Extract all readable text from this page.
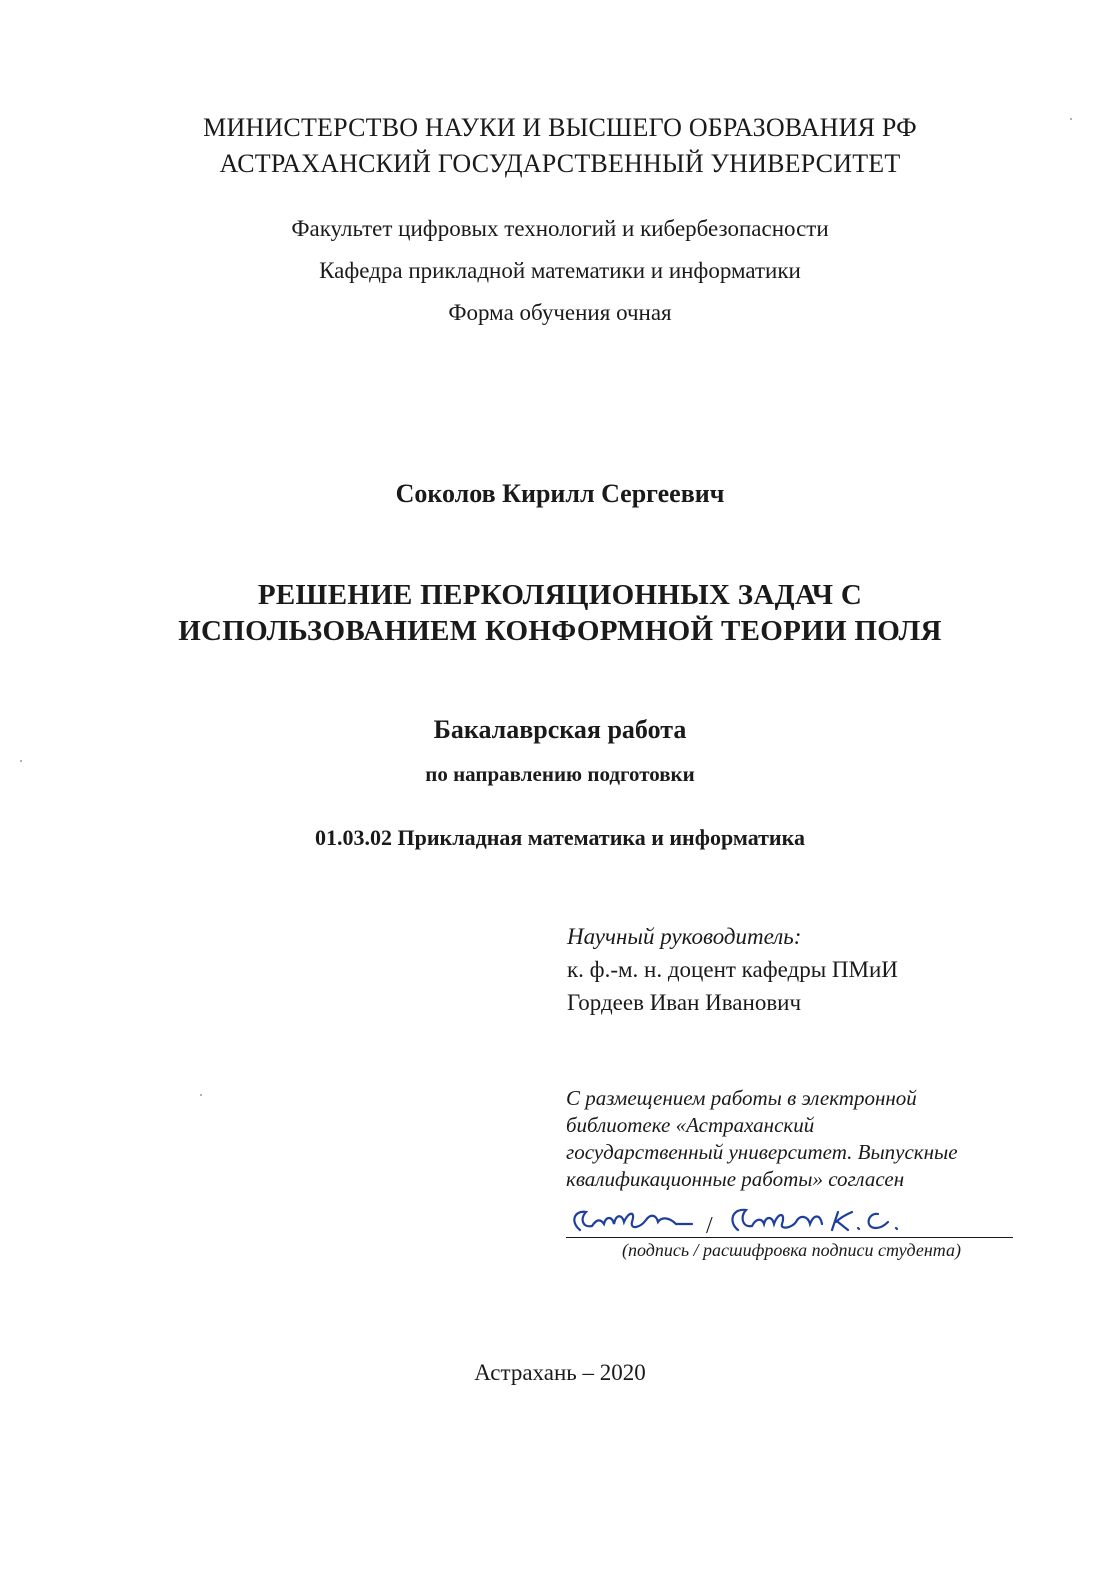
МИНИСТЕРСТВО НАУКИ И ВЫСШЕГО ОБРАЗОВАНИЯ РФ
АСТРАХАНСКИЙ ГОСУДАРСТВЕННЫЙ УНИВЕРСИТЕТ
Факультет цифровых технологий и кибербезопасности
Кафедра прикладной математики и информатики
Форма обучения очная
Соколов Кирилл Сергеевич
РЕШЕНИЕ ПЕРКОЛЯЦИОННЫХ ЗАДАЧ С
ИСПОЛЬЗОВАНИЕМ КОНФОРМНОЙ ТЕОРИИ ПОЛЯ
Бакалаврская работа
по направлению подготовки
01.03.02 Прикладная математика и информатика
Научный руководитель:
к. ф.-м. н. доцент кафедры ПМиИ
Гордеев Иван Иванович
С размещением работы в электронной
библиотеке «Астраханский
государственный университет. Выпускные
квалификационные работы» согласен
/
(подпись / расшифровка подписи студента)
Астрахань – 2020
